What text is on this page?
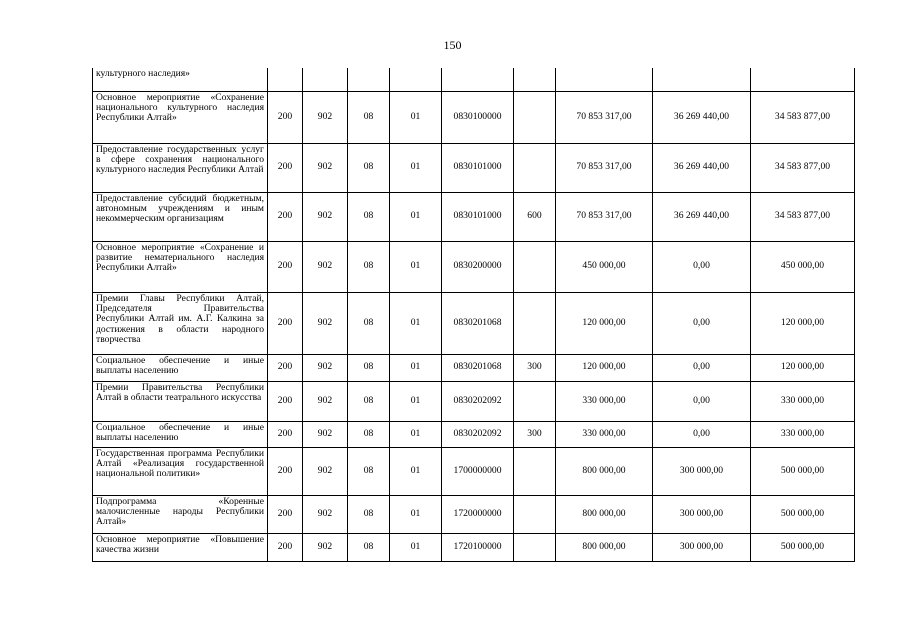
150
культурного наследия»									
Основное мероприятие «Сохранение национального культурного наследия Республики Алтай»	200	902	08	01	0830100000		70 853 317,00	36 269 440,00	34 583 877,00
Предоставление государственных услуг в сфере сохранения национального культурного наследия Республики Алтай	200	902	08	01	0830101000		70 853 317,00	36 269 440,00	34 583 877,00
Предоставление субсидий бюджетным, автономным учреждениям и иным некоммерческим организациям	200	902	08	01	0830101000	600	70 853 317,00	36 269 440,00	34 583 877,00
Основное мероприятие «Сохранение и развитие нематериального наследия Республики Алтай»	200	902	08	01	0830200000		450 000,00	0,00	450 000,00
Премии Главы Республики Алтай, Председателя Правительства Республики Алтай им. А.Г. Калкина за достижения в области народного творчества	200	902	08	01	0830201068		120 000,00	0,00	120 000,00
Социальное обеспечение и иные выплаты населению	200	902	08	01	0830201068	300	120 000,00	0,00	120 000,00
Премии Правительства Республики Алтай в области театрального искусства	200	902	08	01	0830202092		330 000,00	0,00	330 000,00
Социальное обеспечение и иные выплаты населению	200	902	08	01	0830202092	300	330 000,00	0,00	330 000,00
Государственная программа Республики Алтай «Реализация государственной национальной политики»	200	902	08	01	1700000000		800 000,00	300 000,00	500 000,00
Подпрограмма «Коренные малочисленные народы Республики Алтай»	200	902	08	01	1720000000		800 000,00	300 000,00	500 000,00
Основное мероприятие «Повышение качества жизни	200	902	08	01	1720100000		800 000,00	300 000,00	500 000,00
